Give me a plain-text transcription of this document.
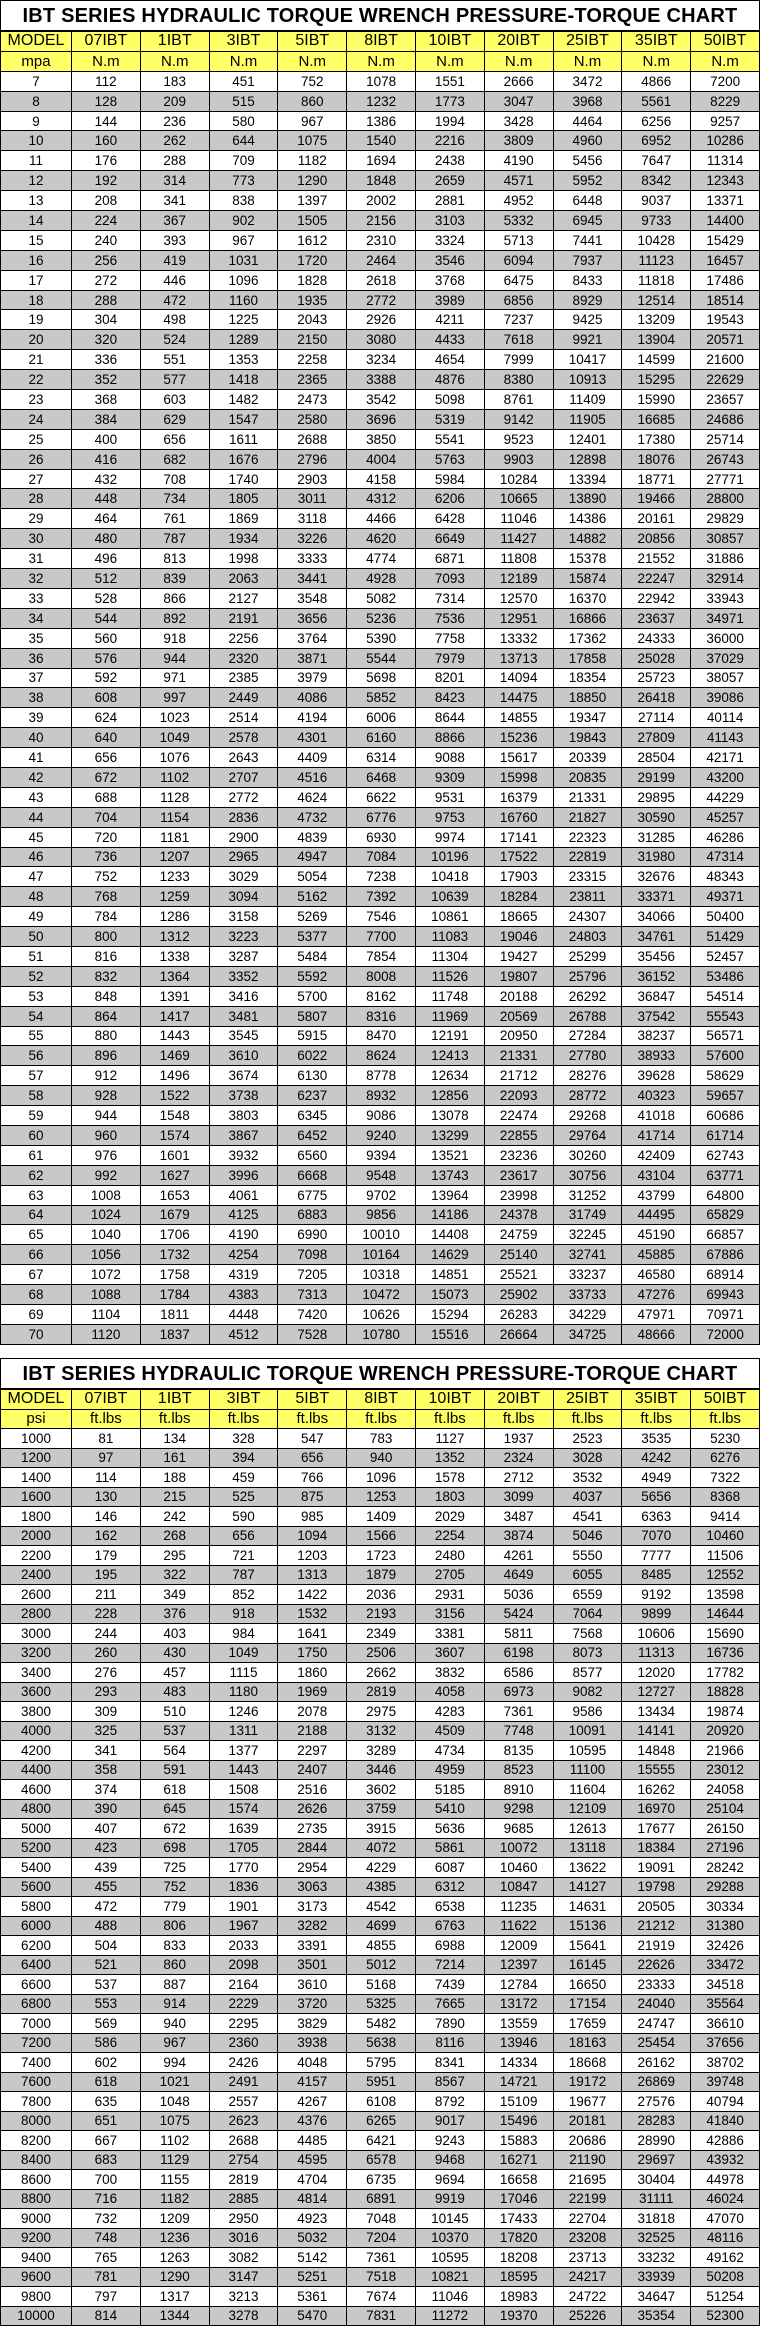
IBT SERIES HYDRAULIC TORQUE WRENCH PRESSURE-TORQUE CHART
MODEL	07IBT	1IBT	3IBT	5IBT	8IBT	10IBT	20IBT	25IBT	35IBT	50IBT
mpa	N.m	N.m	N.m	N.m	N.m	N.m	N.m	N.m	N.m	N.m
7	112	183	451	752	1078	1551	2666	3472	4866	7200
8	128	209	515	860	1232	1773	3047	3968	5561	8229
9	144	236	580	967	1386	1994	3428	4464	6256	9257
10	160	262	644	1075	1540	2216	3809	4960	6952	10286
11	176	288	709	1182	1694	2438	4190	5456	7647	11314
12	192	314	773	1290	1848	2659	4571	5952	8342	12343
13	208	341	838	1397	2002	2881	4952	6448	9037	13371
14	224	367	902	1505	2156	3103	5332	6945	9733	14400
15	240	393	967	1612	2310	3324	5713	7441	10428	15429
16	256	419	1031	1720	2464	3546	6094	7937	11123	16457
17	272	446	1096	1828	2618	3768	6475	8433	11818	17486
18	288	472	1160	1935	2772	3989	6856	8929	12514	18514
19	304	498	1225	2043	2926	4211	7237	9425	13209	19543
20	320	524	1289	2150	3080	4433	7618	9921	13904	20571
21	336	551	1353	2258	3234	4654	7999	10417	14599	21600
22	352	577	1418	2365	3388	4876	8380	10913	15295	22629
23	368	603	1482	2473	3542	5098	8761	11409	15990	23657
24	384	629	1547	2580	3696	5319	9142	11905	16685	24686
25	400	656	1611	2688	3850	5541	9523	12401	17380	25714
26	416	682	1676	2796	4004	5763	9903	12898	18076	26743
27	432	708	1740	2903	4158	5984	10284	13394	18771	27771
28	448	734	1805	3011	4312	6206	10665	13890	19466	28800
29	464	761	1869	3118	4466	6428	11046	14386	20161	29829
30	480	787	1934	3226	4620	6649	11427	14882	20856	30857
31	496	813	1998	3333	4774	6871	11808	15378	21552	31886
32	512	839	2063	3441	4928	7093	12189	15874	22247	32914
33	528	866	2127	3548	5082	7314	12570	16370	22942	33943
34	544	892	2191	3656	5236	7536	12951	16866	23637	34971
35	560	918	2256	3764	5390	7758	13332	17362	24333	36000
36	576	944	2320	3871	5544	7979	13713	17858	25028	37029
37	592	971	2385	3979	5698	8201	14094	18354	25723	38057
38	608	997	2449	4086	5852	8423	14475	18850	26418	39086
39	624	1023	2514	4194	6006	8644	14855	19347	27114	40114
40	640	1049	2578	4301	6160	8866	15236	19843	27809	41143
41	656	1076	2643	4409	6314	9088	15617	20339	28504	42171
42	672	1102	2707	4516	6468	9309	15998	20835	29199	43200
43	688	1128	2772	4624	6622	9531	16379	21331	29895	44229
44	704	1154	2836	4732	6776	9753	16760	21827	30590	45257
45	720	1181	2900	4839	6930	9974	17141	22323	31285	46286
46	736	1207	2965	4947	7084	10196	17522	22819	31980	47314
47	752	1233	3029	5054	7238	10418	17903	23315	32676	48343
48	768	1259	3094	5162	7392	10639	18284	23811	33371	49371
49	784	1286	3158	5269	7546	10861	18665	24307	34066	50400
50	800	1312	3223	5377	7700	11083	19046	24803	34761	51429
51	816	1338	3287	5484	7854	11304	19427	25299	35456	52457
52	832	1364	3352	5592	8008	11526	19807	25796	36152	53486
53	848	1391	3416	5700	8162	11748	20188	26292	36847	54514
54	864	1417	3481	5807	8316	11969	20569	26788	37542	55543
55	880	1443	3545	5915	8470	12191	20950	27284	38237	56571
56	896	1469	3610	6022	8624	12413	21331	27780	38933	57600
57	912	1496	3674	6130	8778	12634	21712	28276	39628	58629
58	928	1522	3738	6237	8932	12856	22093	28772	40323	59657
59	944	1548	3803	6345	9086	13078	22474	29268	41018	60686
60	960	1574	3867	6452	9240	13299	22855	29764	41714	61714
61	976	1601	3932	6560	9394	13521	23236	30260	42409	62743
62	992	1627	3996	6668	9548	13743	23617	30756	43104	63771
63	1008	1653	4061	6775	9702	13964	23998	31252	43799	64800
64	1024	1679	4125	6883	9856	14186	24378	31749	44495	65829
65	1040	1706	4190	6990	10010	14408	24759	32245	45190	66857
66	1056	1732	4254	7098	10164	14629	25140	32741	45885	67886
67	1072	1758	4319	7205	10318	14851	25521	33237	46580	68914
68	1088	1784	4383	7313	10472	15073	25902	33733	47276	69943
69	1104	1811	4448	7420	10626	15294	26283	34229	47971	70971
70	1120	1837	4512	7528	10780	15516	26664	34725	48666	72000
IBT SERIES HYDRAULIC TORQUE WRENCH PRESSURE-TORQUE CHART
MODEL	07IBT	1IBT	3IBT	5IBT	8IBT	10IBT	20IBT	25IBT	35IBT	50IBT
psi	ft.lbs	ft.lbs	ft.lbs	ft.lbs	ft.lbs	ft.lbs	ft.lbs	ft.lbs	ft.lbs	ft.lbs
1000	81	134	328	547	783	1127	1937	2523	3535	5230
1200	97	161	394	656	940	1352	2324	3028	4242	6276
1400	114	188	459	766	1096	1578	2712	3532	4949	7322
1600	130	215	525	875	1253	1803	3099	4037	5656	8368
1800	146	242	590	985	1409	2029	3487	4541	6363	9414
2000	162	268	656	1094	1566	2254	3874	5046	7070	10460
2200	179	295	721	1203	1723	2480	4261	5550	7777	11506
2400	195	322	787	1313	1879	2705	4649	6055	8485	12552
2600	211	349	852	1422	2036	2931	5036	6559	9192	13598
2800	228	376	918	1532	2193	3156	5424	7064	9899	14644
3000	244	403	984	1641	2349	3381	5811	7568	10606	15690
3200	260	430	1049	1750	2506	3607	6198	8073	11313	16736
3400	276	457	1115	1860	2662	3832	6586	8577	12020	17782
3600	293	483	1180	1969	2819	4058	6973	9082	12727	18828
3800	309	510	1246	2078	2975	4283	7361	9586	13434	19874
4000	325	537	1311	2188	3132	4509	7748	10091	14141	20920
4200	341	564	1377	2297	3289	4734	8135	10595	14848	21966
4400	358	591	1443	2407	3446	4959	8523	11100	15555	23012
4600	374	618	1508	2516	3602	5185	8910	11604	16262	24058
4800	390	645	1574	2626	3759	5410	9298	12109	16970	25104
5000	407	672	1639	2735	3915	5636	9685	12613	17677	26150
5200	423	698	1705	2844	4072	5861	10072	13118	18384	27196
5400	439	725	1770	2954	4229	6087	10460	13622	19091	28242
5600	455	752	1836	3063	4385	6312	10847	14127	19798	29288
5800	472	779	1901	3173	4542	6538	11235	14631	20505	30334
6000	488	806	1967	3282	4699	6763	11622	15136	21212	31380
6200	504	833	2033	3391	4855	6988	12009	15641	21919	32426
6400	521	860	2098	3501	5012	7214	12397	16145	22626	33472
6600	537	887	2164	3610	5168	7439	12784	16650	23333	34518
6800	553	914	2229	3720	5325	7665	13172	17154	24040	35564
7000	569	940	2295	3829	5482	7890	13559	17659	24747	36610
7200	586	967	2360	3938	5638	8116	13946	18163	25454	37656
7400	602	994	2426	4048	5795	8341	14334	18668	26162	38702
7600	618	1021	2491	4157	5951	8567	14721	19172	26869	39748
7800	635	1048	2557	4267	6108	8792	15109	19677	27576	40794
8000	651	1075	2623	4376	6265	9017	15496	20181	28283	41840
8200	667	1102	2688	4485	6421	9243	15883	20686	28990	42886
8400	683	1129	2754	4595	6578	9468	16271	21190	29697	43932
8600	700	1155	2819	4704	6735	9694	16658	21695	30404	44978
8800	716	1182	2885	4814	6891	9919	17046	22199	31111	46024
9000	732	1209	2950	4923	7048	10145	17433	22704	31818	47070
9200	748	1236	3016	5032	7204	10370	17820	23208	32525	48116
9400	765	1263	3082	5142	7361	10595	18208	23713	33232	49162
9600	781	1290	3147	5251	7518	10821	18595	24217	33939	50208
9800	797	1317	3213	5361	7674	11046	18983	24722	34647	51254
10000	814	1344	3278	5470	7831	11272	19370	25226	35354	52300
